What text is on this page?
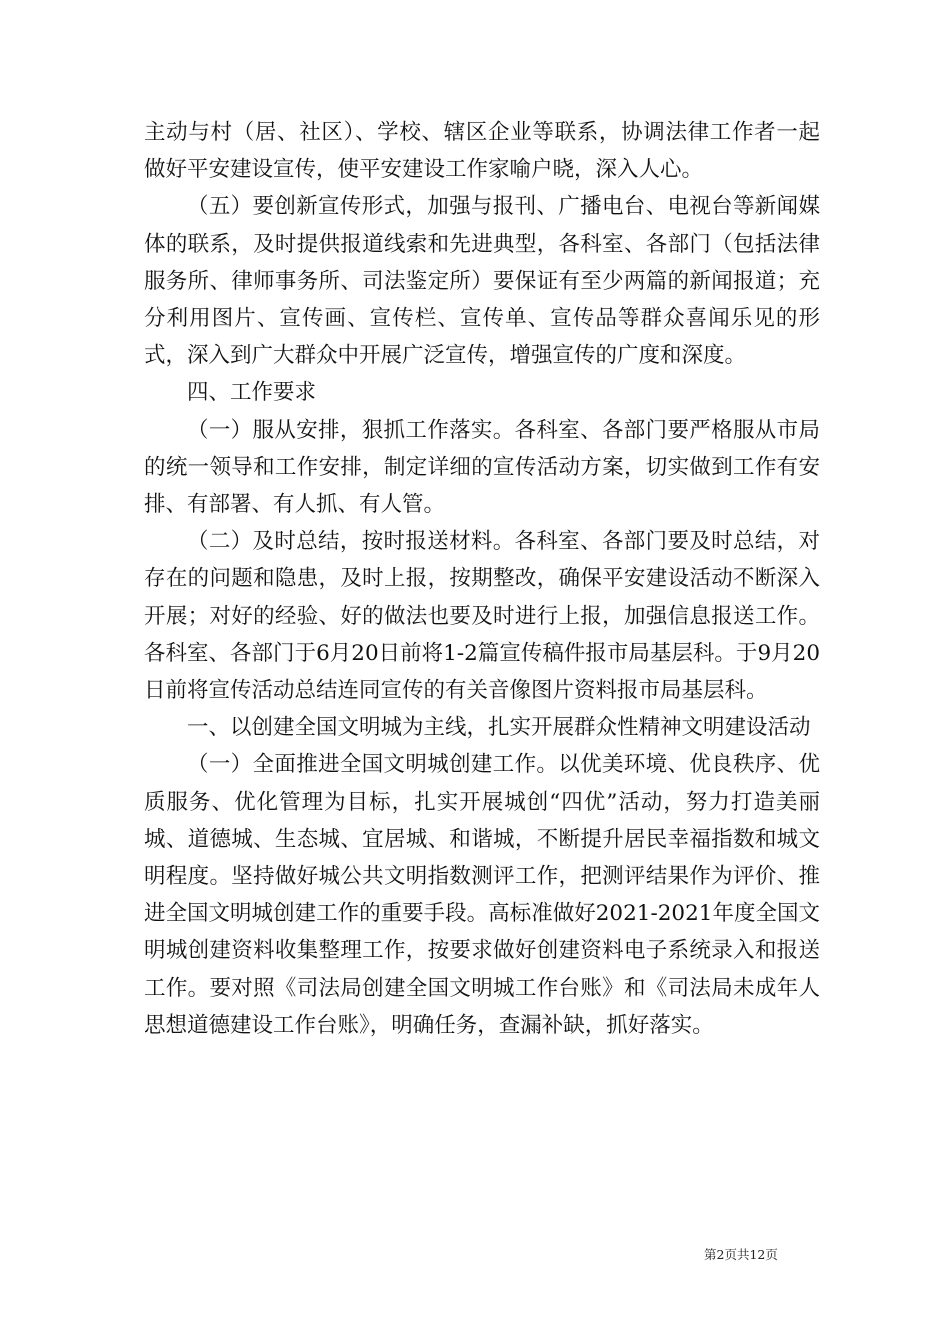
主动与村（居、社区）、学校、辖区企业等联系，协调法律工作者一起做好平安建设宣传，使平安建设工作家喻户晓，深入人心。

（五）要创新宣传形式，加强与报刊、广播电台、电视台等新闻媒体的联系，及时提供报道线索和先进典型，各科室、各部门（包括法律服务所、律师事务所、司法鉴定所）要保证有至少两篇的新闻报道；充分利用图片、宣传画、宣传栏、宣传单、宣传品等群众喜闻乐见的形式，深入到广大群众中开展广泛宣传，增强宣传的广度和深度。

四、工作要求

（一）服从安排，狠抓工作落实。各科室、各部门要严格服从市局的统一领导和工作安排，制定详细的宣传活动方案，切实做到工作有安排、有部署、有人抓、有人管。

（二）及时总结，按时报送材料。各科室、各部门要及时总结，对存在的问题和隐患，及时上报，按期整改，确保平安建设活动不断深入开展；对好的经验、好的做法也要及时进行上报，加强信息报送工作。各科室、各部门于6月20日前将1-2篇宣传稿件报市局基层科。于9月20日前将宣传活动总结连同宣传的有关音像图片资料报市局基层科。

一、以创建全国文明城为主线，扎实开展群众性精神文明建设活动

（一）全面推进全国文明城创建工作。以优美环境、优良秩序、优质服务、优化管理为目标，扎实开展城创“四优”活动，努力打造美丽城、道德城、生态城、宜居城、和谐城，不断提升居民幸福指数和城文明程度。坚持做好城公共文明指数测评工作，把测评结果作为评价、推进全国文明城创建工作的重要手段。高标准做好2021-2021年度全国文明城创建资料收集整理工作，按要求做好创建资料电子系统录入和报送工作。要对照《司法局创建全国文明城工作台账》和《司法局未成年人思想道德建设工作台账》，明确任务，查漏补缺，抓好落实。

第2页共12页
